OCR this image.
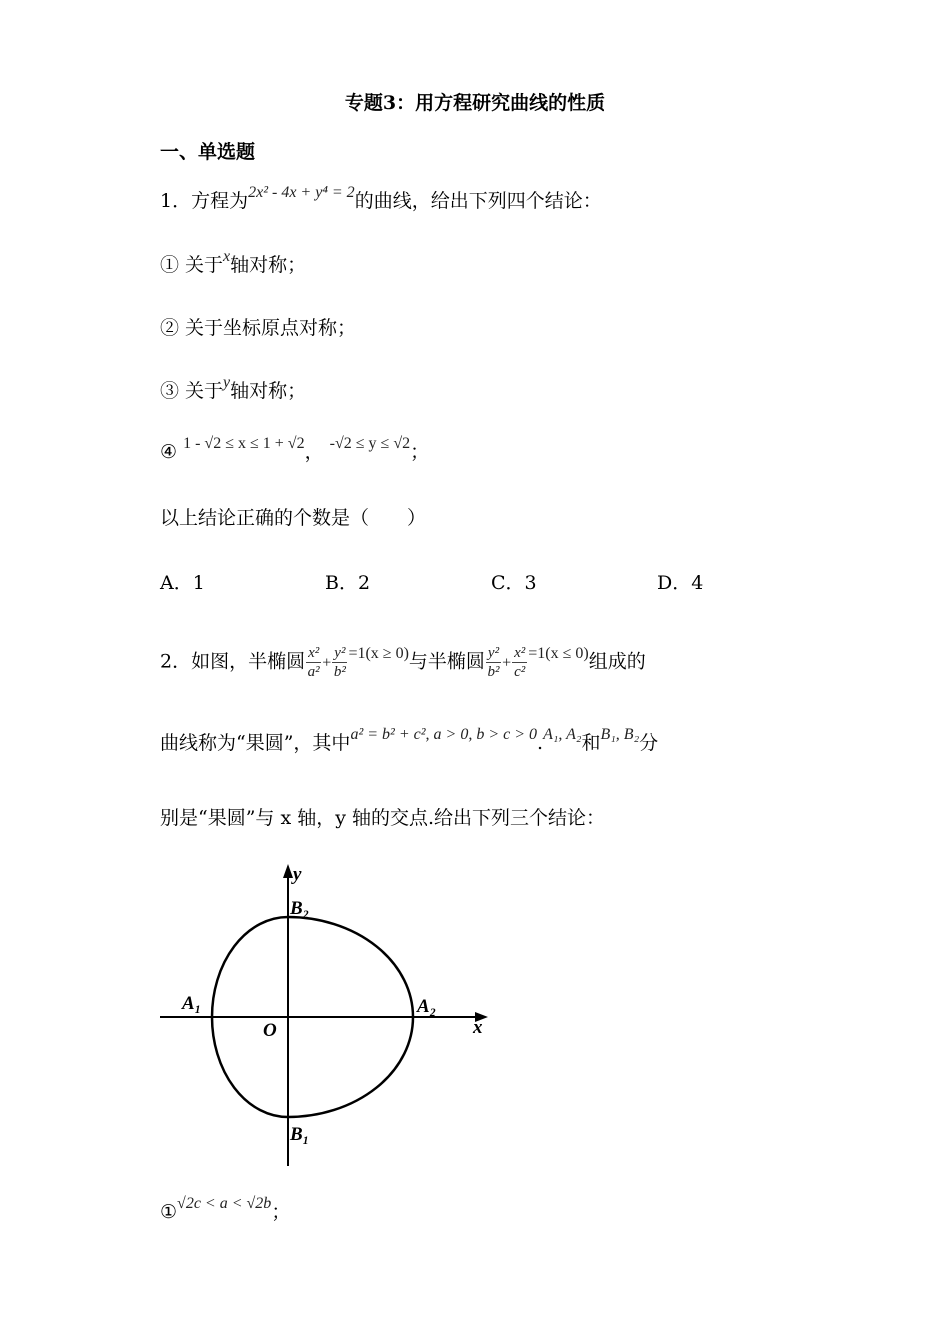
专题3：用方程研究曲线的性质
一、单选题
1．方程为$^{2x^2 - 4x + y^4 = 2}$的曲线，给出下列四个结论：
① 关于$^x$轴对称；
② 关于坐标原点对称；
③ 关于$^y$轴对称；
④ $^{1 - √2 \le x \le 1 + √2}$， $^{-√2 \le y \le √2}$；
以上结论正确的个数是（　　）
A．1	B．2	C．3	D．4
2．如图，半椭圆 $\frac{\text{x²}}{\text{a²}} + \frac{\text{y²}}{\text{b²}} ^{=1(x \ge 0)}$与半椭圆 $\frac{\text{y²}}{\text{b²}} + \frac{\text{x²}}{\text{c²}} ^{=1(x \le 0)}$组成的
曲线称为“果圆”，其中$^{a^2 = b^2 + c^2, a > 0, b > c > 0}$.$^{A_1, A_2}$和$^{B_1, B_2}$分
别是“果圆”与 x 轴，y 轴的交点.给出下列三个结论：
y
x
O
B₂
B₁
A₁	A₂
①$^{√2c < a < √2b}$；
